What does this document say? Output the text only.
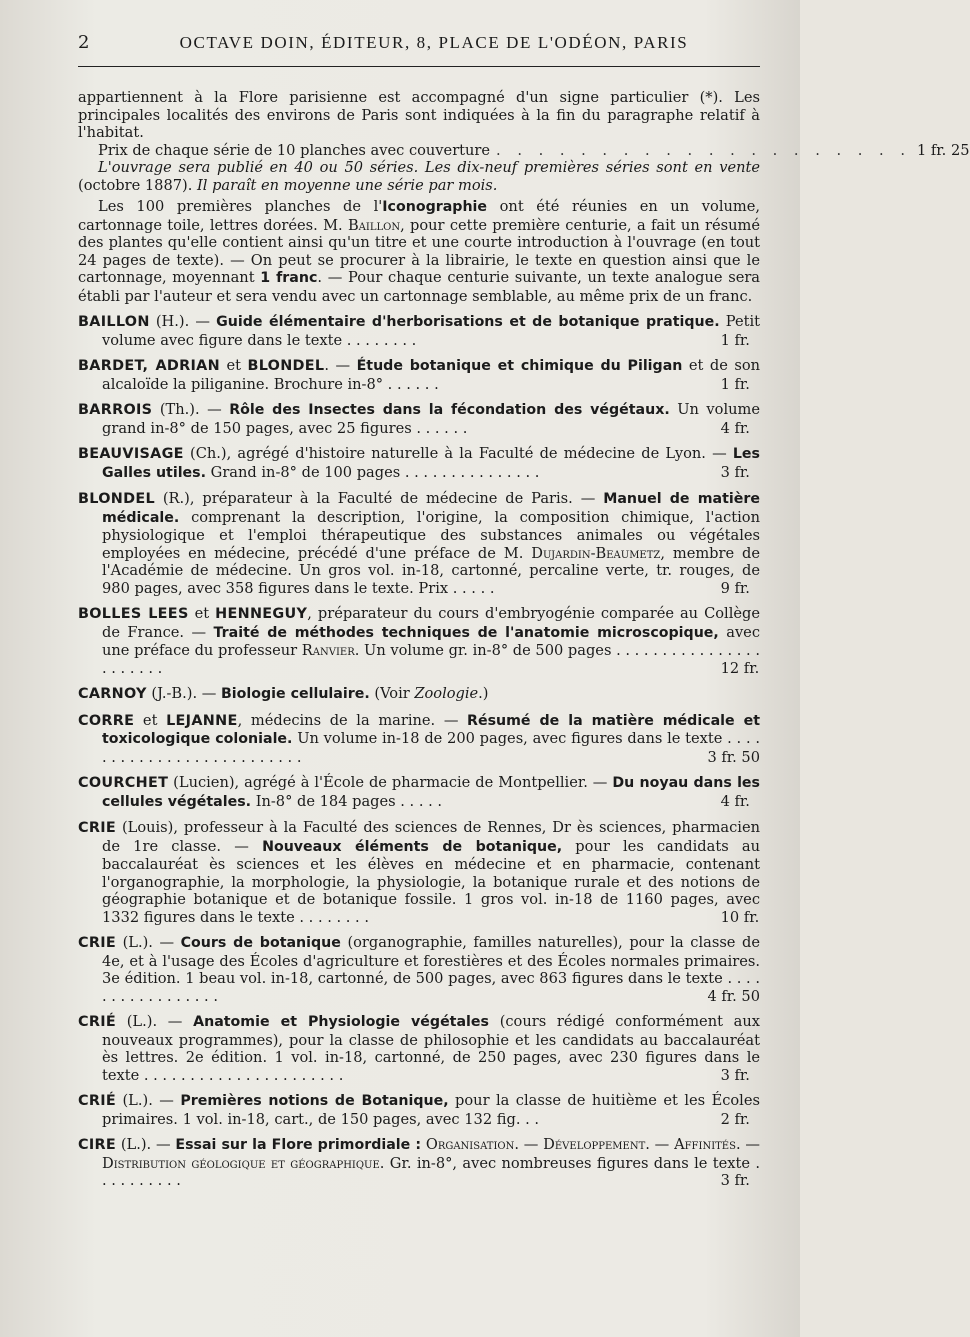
2	OCTAVE DOIN, ÉDITEUR, 8, PLACE DE L'ODÉON, PARIS

appartiennent à la Flore parisienne est accompagné d'un signe particulier (*). Les principales localités des environs de Paris sont indiquées à la fin du paragraphe relatif à l'habitat.

Prix de chaque série de 10 planches avec couverture . . . . . . . . . . . . . . . . . . . . 1 fr. 25

L'ouvrage sera publié en 40 ou 50 séries. Les dix-neuf premières séries sont en vente (octobre 1887). Il paraît en moyenne une série par mois.

Les 100 premières planches de l'Iconographie ont été réunies en un volume, cartonnage toile, lettres dorées. M. Baillon, pour cette première centurie, a fait un résumé des plantes qu'elle contient ainsi qu'un titre et une courte introduction à l'ouvrage (en tout 24 pages de texte). — On peut se procurer à la librairie, le texte en question ainsi que le cartonnage, moyennant 1 franc. — Pour chaque centurie suivante, un texte analogue sera établi par l'auteur et sera vendu avec un cartonnage semblable, au même prix de un franc.

BAILLON (H.). — Guide élémentaire d'herborisations et de botanique pratique. Petit volume avec figure dans le texte . . . . . . . .	1 fr.
BARDET, ADRIAN et BLONDEL. — Étude botanique et chimique du Piligan et de son alcaloïde la piliganine. Brochure in-8° . . . . . .	1 fr.
BARROIS (Th.). — Rôle des Insectes dans la fécondation des végétaux. Un volume grand in-8° de 150 pages, avec 25 figures . . . . . .	4 fr.
BEAUVISAGE (Ch.), agrégé d'histoire naturelle à la Faculté de médecine de Lyon. — Les Galles utiles. Grand in-8° de 100 pages . . . . . . . . . . . . . . .	3 fr.
BLONDEL (R.), préparateur à la Faculté de médecine de Paris. — Manuel de matière médicale. comprenant la description, l'origine, la composition chimique, l'action physiologique et l'emploi thérapeutique des substances animales ou végétales employées en médecine, précédé d'une préface de M. Dujardin-Beaumetz, membre de l'Académie de médecine. Un gros vol. in-18, cartonné, percaline verte, tr. rouges, de 980 pages, avec 358 figures dans le texte. Prix . . . . .	9 fr.
BOLLES LEES et HENNEGUY, préparateur du cours d'embryogénie comparée au Collège de France. — Traité de méthodes techniques de l'anatomie microscopique, avec une préface du professeur Ranvier. Un volume gr. in-8° de 500 pages . . . . . . . . . . . . . . . . . . . . . . .	12 fr.
CARNOY (J.-B.). — Biologie cellulaire. (Voir Zoologie.)
CORRE et LEJANNE, médecins de la marine. — Résumé de la matière médicale et toxicologique coloniale. Un volume in-18 de 200 pages, avec figures dans le texte . . . . . . . . . . . . . . . . . . . . . . . . . .	3 fr. 50
COURCHET (Lucien), agrégé à l'École de pharmacie de Montpellier. — Du noyau dans les cellules végétales. In-8° de 184 pages . . . . .	4 fr.
CRIE (Louis), professeur à la Faculté des sciences de Rennes, Dr ès sciences, pharmacien de 1re classe. — Nouveaux éléments de botanique, pour les candidats au baccalauréat ès sciences et les élèves en médecine et en pharmacie, contenant l'organographie, la morphologie, la physiologie, la botanique rurale et des notions de géographie botanique et de botanique fossile. 1 gros vol. in-18 de 1160 pages, avec 1332 figures dans le texte . . . . . . . .	10 fr.
CRIE (L.). — Cours de botanique (organographie, familles naturelles), pour la classe de 4e, et à l'usage des Écoles d'agriculture et forestières et des Écoles normales primaires. 3e édition. 1 beau vol. in-18, cartonné, de 500 pages, avec 863 figures dans le texte . . . . . . . . . . . . . . . . .	4 fr. 50
CRIÉ (L.). — Anatomie et Physiologie végétales (cours rédigé conformément aux nouveaux programmes), pour la classe de philosophie et les candidats au baccalauréat ès lettres. 2e édition. 1 vol. in-18, cartonné, de 250 pages, avec 230 figures dans le texte . . . . . . . . . . . . . . . . . . . . . .	3 fr.
CRIÉ (L.). — Premières notions de Botanique, pour la classe de huitième et les Écoles primaires. 1 vol. in-18, cart., de 150 pages, avec 132 fig. . .	2 fr.
CIRE (L.). — Essai sur la Flore primordiale : Organisation. — Développement. — Affinités. — Distribution géologique et géographique. Gr. in-8°, avec nombreuses figures dans le texte . . . . . . . . . .	3 fr.
